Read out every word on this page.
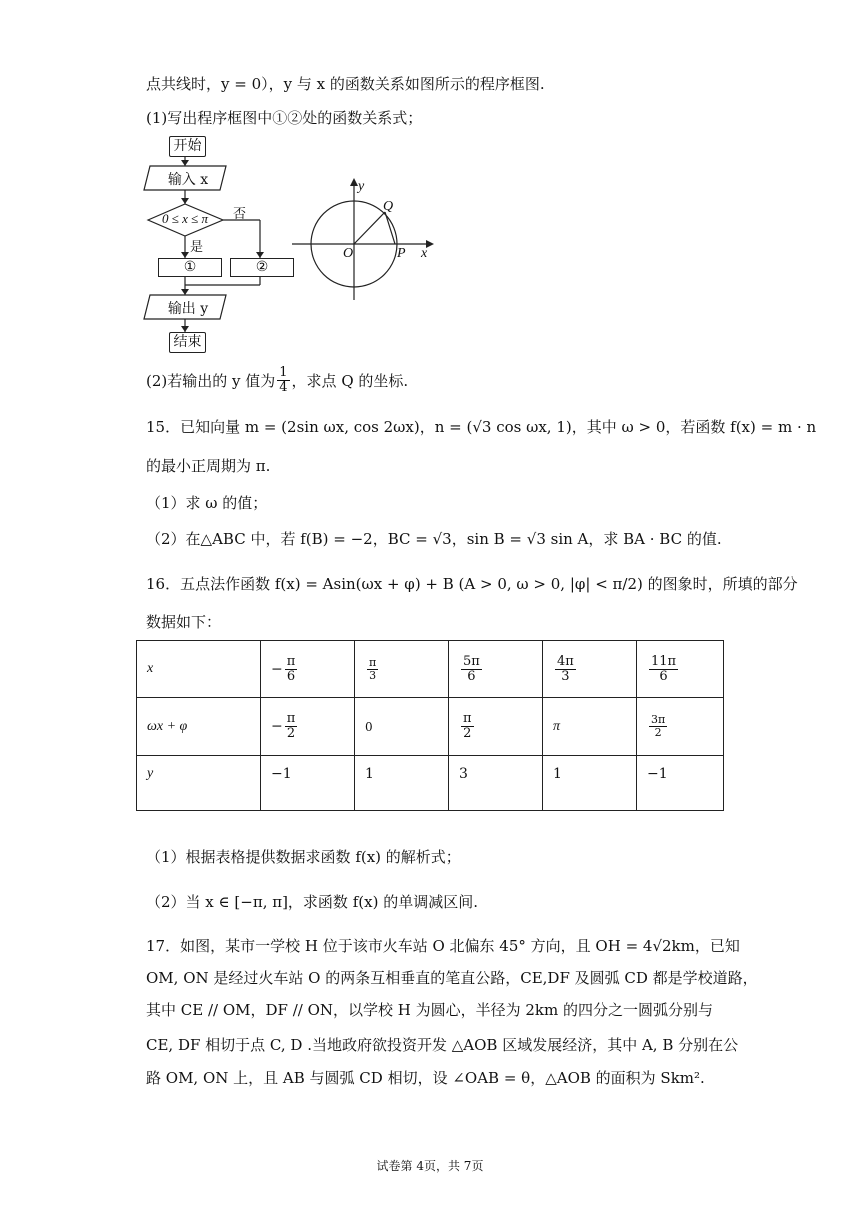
点共线时，y = 0），y 与 x 的函数关系如图所示的程序框图.
(1)写出程序框图中①②处的函数关系式；
开始
输入 x
0 ≤ x ≤ π	否
是
①	②
输出 y
结束
y
Q
O	P x
(2)若输出的 y 值为 $\frac{1}{4}$ ，求点 Q 的坐标.
15．已知向量 m = (2sin ωx, cos 2ωx)，n = (√3 cos ωx, 1)，其中 ω > 0，若函数 f(x) = m · n
的最小正周期为 π.
（1）求 ω 的值；
（2）在△ABC 中，若 f(B) = −2，BC = √3，sin B = √3 sin A，求 BA · BC 的值.
16．五点法作函数 f(x) = Asin(ωx + φ) + B (A > 0, ω > 0, |φ| < π/2) 的图象时，所填的部分
数据如下：
x	− $\frac{\pi}{6}$	$\frac{\pi}{3}$	$\frac{5\pi}{6}$	$\frac{4\pi}{3}$	$\frac{11\pi}{6}$

ωx + φ	− $\frac{\pi}{2}$	0	$\frac{\pi}{2}$	π	$\frac{3\pi}{2}$

y	−1	1	3	1	−1
（1）根据表格提供数据求函数 f(x) 的解析式；
（2）当 x ∈ [−π, π]，求函数 f(x) 的单调减区间.
17．如图，某市一学校 H 位于该市火车站 O 北偏东 45° 方向，且 OH = 4√2km，已知
OM, ON 是经过火车站 O 的两条互相垂直的笔直公路，CE,DF 及圆弧 CD 都是学校道路，
其中 CE // OM，DF // ON，以学校 H 为圆心，半径为 2km 的四分之一圆弧分别与
CE, DF 相切于点 C, D .当地政府欲投资开发 △AOB 区域发展经济，其中 A, B 分别在公
路 OM, ON 上，且 AB 与圆弧 CD 相切，设 ∠OAB = θ，△AOB 的面积为 Skm².
试卷第 4页，共 7页
